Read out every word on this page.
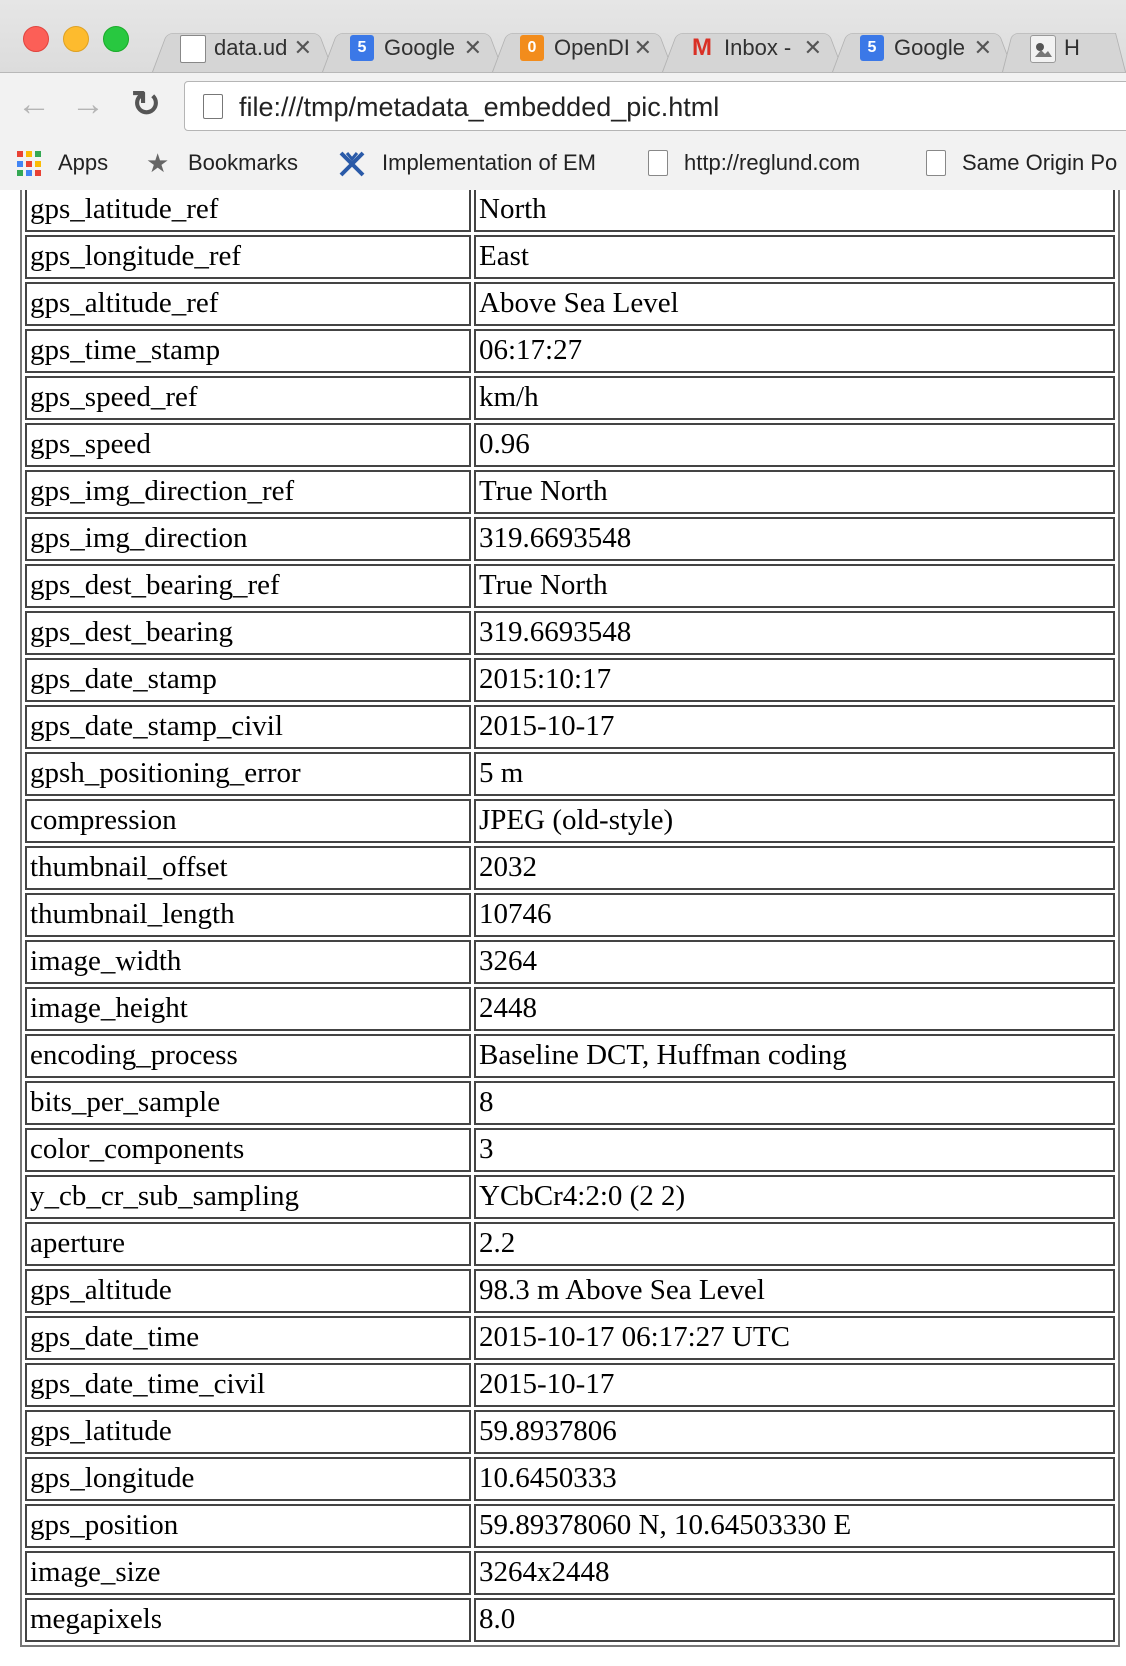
data.ud ✕	5 Google ✕	0 OpenDI ✕ M Inbox - ✕	5 Google ✕	H
← → ↻	file:///tmp/metadata_embedded_pic.html
Apps ★ Bookmarks	Implementation of EM	http://reglund.com	Same Origin Po
gps_latitude_ref	North
gps_longitude_ref	East
gps_altitude_ref	Above Sea Level
gps_time_stamp	06:17:27
gps_speed_ref	km/h
gps_speed	0.96
gps_img_direction_ref	True North
gps_img_direction	319.6693548
gps_dest_bearing_ref	True North
gps_dest_bearing	319.6693548
gps_date_stamp	2015:10:17
gps_date_stamp_civil	2015-10-17
gpsh_positioning_error	5 m
compression	JPEG (old-style)
thumbnail_offset	2032
thumbnail_length	10746
image_width	3264
image_height	2448
encoding_process	Baseline DCT, Huffman coding
bits_per_sample	8
color_components	3
y_cb_cr_sub_sampling	YCbCr4:2:0 (2 2)
aperture	2.2
gps_altitude	98.3 m Above Sea Level
gps_date_time	2015-10-17 06:17:27 UTC
gps_date_time_civil	2015-10-17
gps_latitude	59.8937806
gps_longitude	10.6450333
gps_position	59.89378060 N, 10.64503330 E
image_size	3264x2448
megapixels	8.0
